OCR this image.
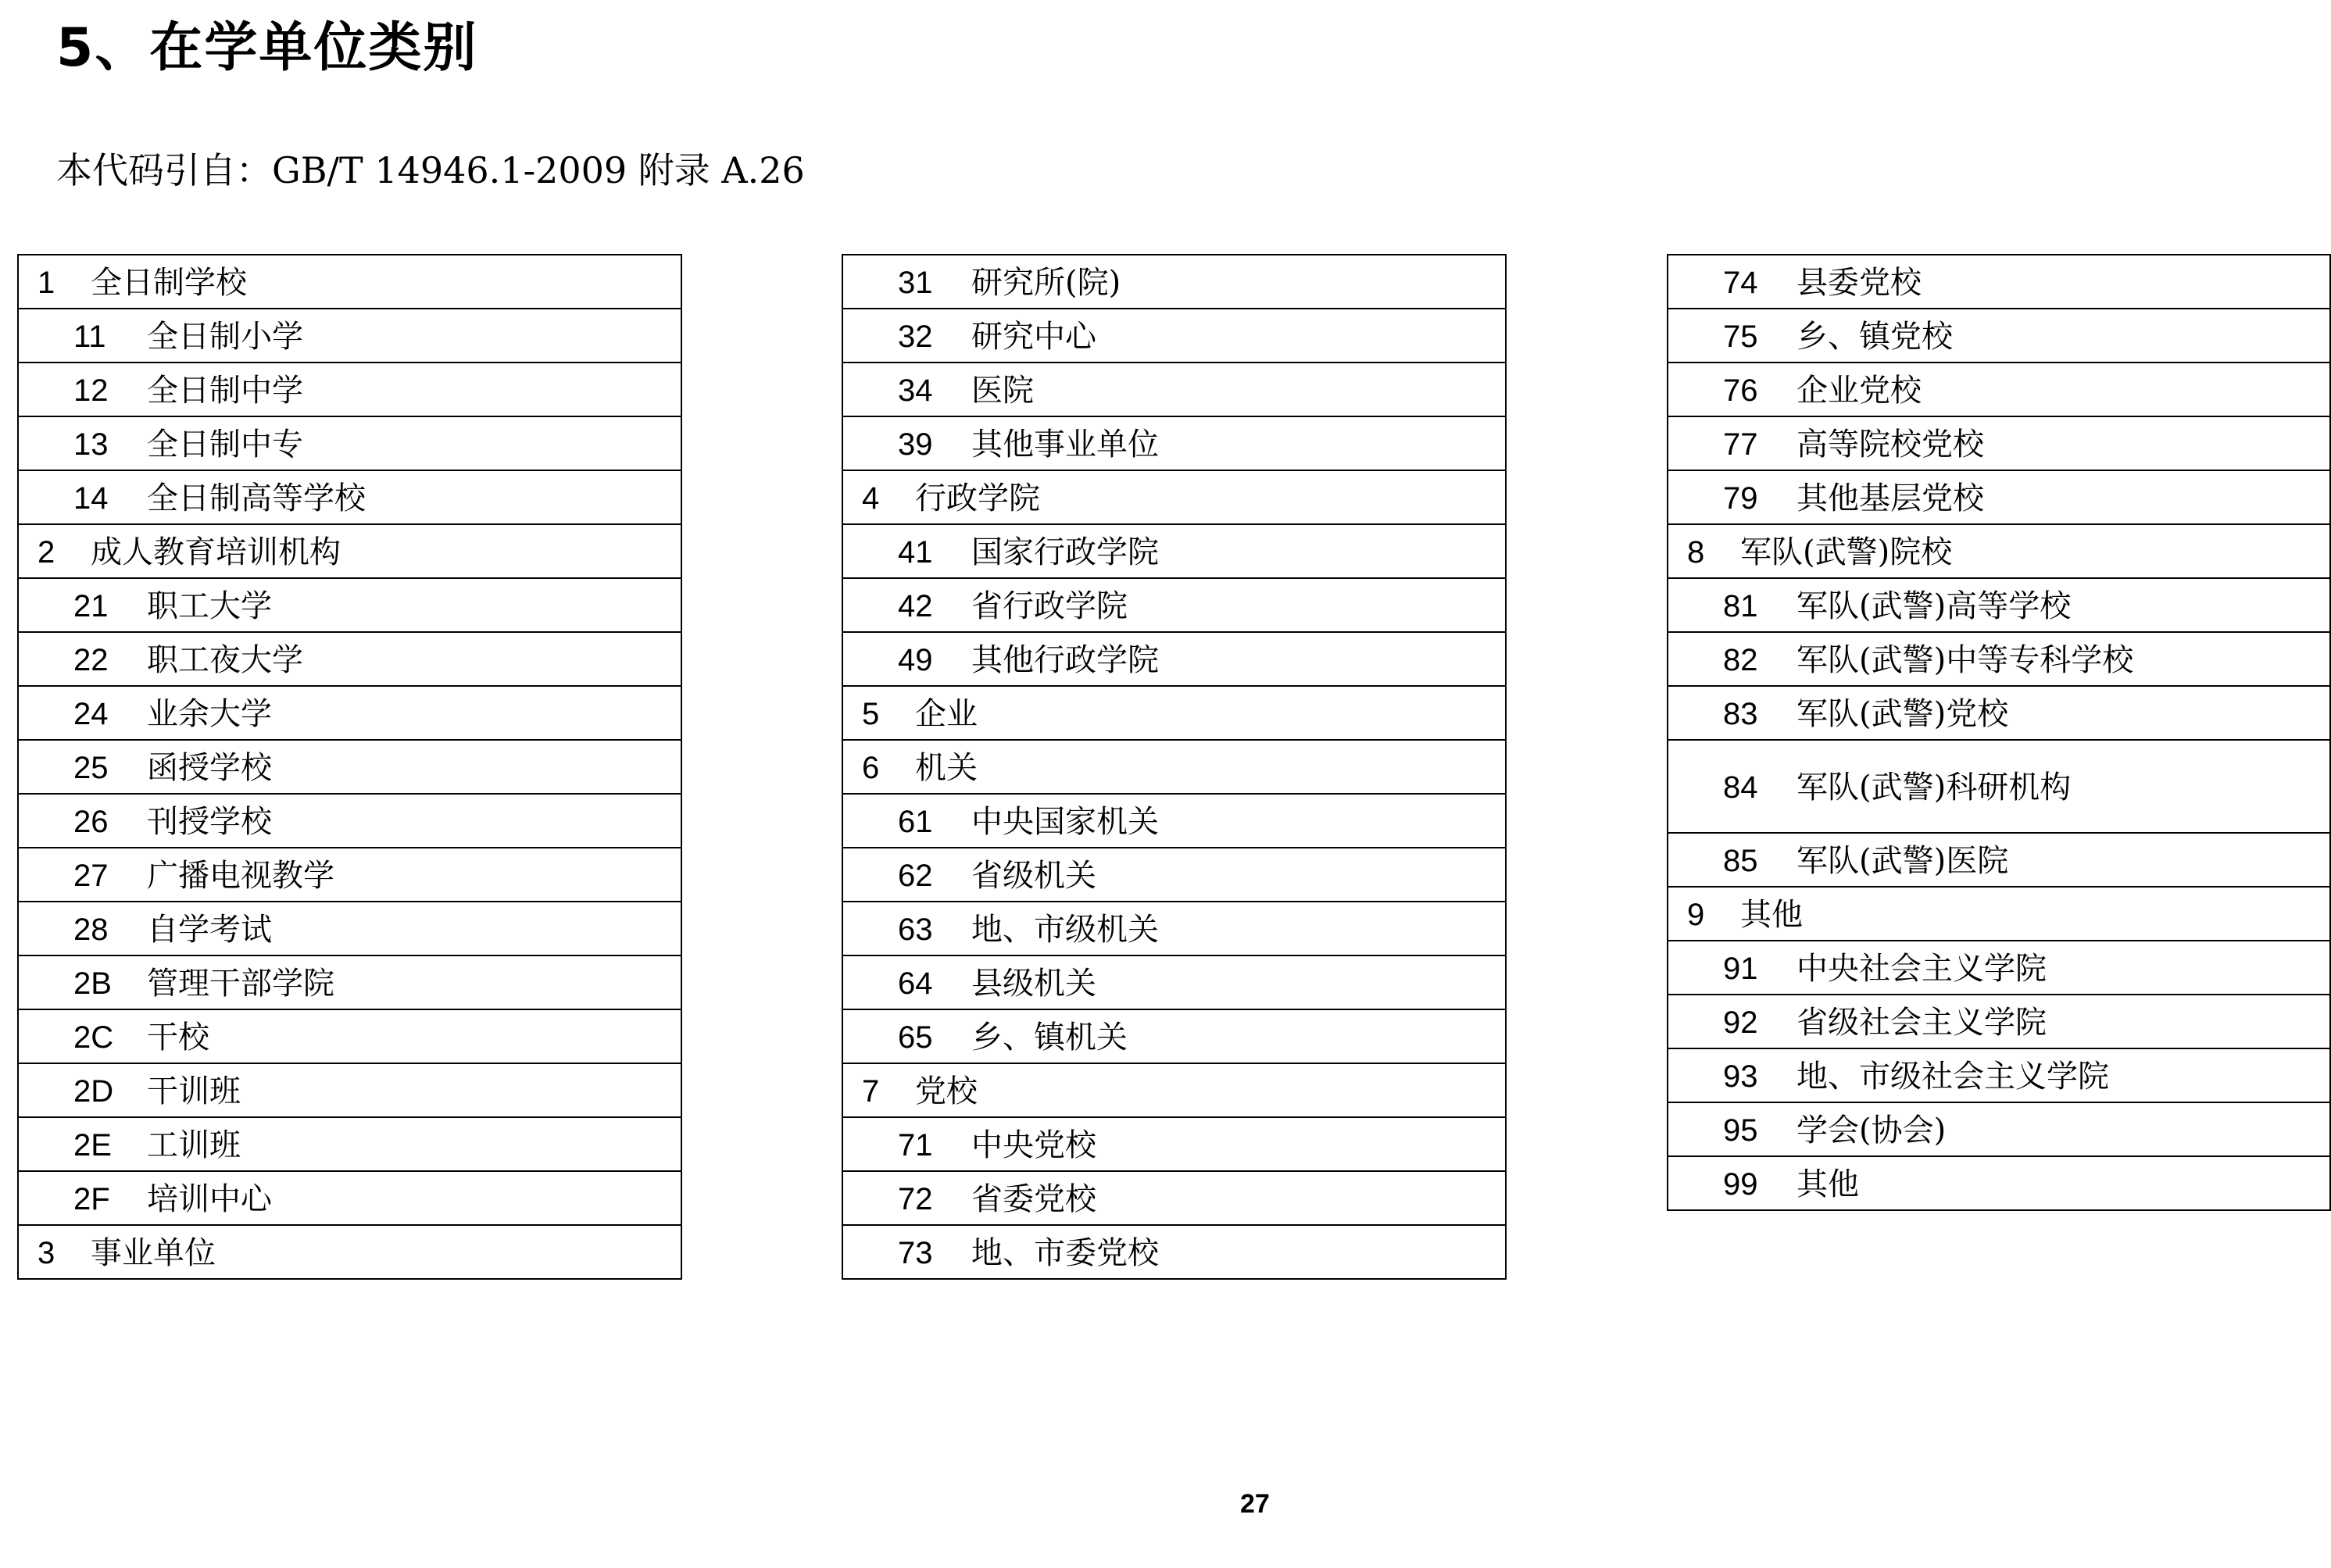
5、在学单位类别
本代码引自：GB/T 14946.1-2009 附录 A.26
1 全日制学校
11 全日制小学
12 全日制中学
13 全日制中专
14 全日制高等学校
2 成人教育培训机构
21 职工大学
22 职工夜大学
24 业余大学
25 函授学校
26 刊授学校
27 广播电视教学
28 自学考试
2B 管理干部学院
2C 干校
2D 干训班
2E 工训班
2F 培训中心
3 事业单位
31 研究所(院)
32 研究中心
34 医院
39 其他事业单位
4 行政学院
41 国家行政学院
42 省行政学院
49 其他行政学院
5 企业
6 机关
61 中央国家机关
62 省级机关
63 地、市级机关
64 县级机关
65 乡、镇机关
7 党校
71 中央党校
72 省委党校
73 地、市委党校
74 县委党校
75 乡、镇党校
76 企业党校
77 高等院校党校
79 其他基层党校
8 军队(武警)院校
81 军队(武警)高等学校
82 军队(武警)中等专科学校
83 军队(武警)党校
84 军队(武警)科研机构
85 军队(武警)医院
9 其他
91 中央社会主义学院
92 省级社会主义学院
93 地、市级社会主义学院
95 学会(协会)
99 其他
27
